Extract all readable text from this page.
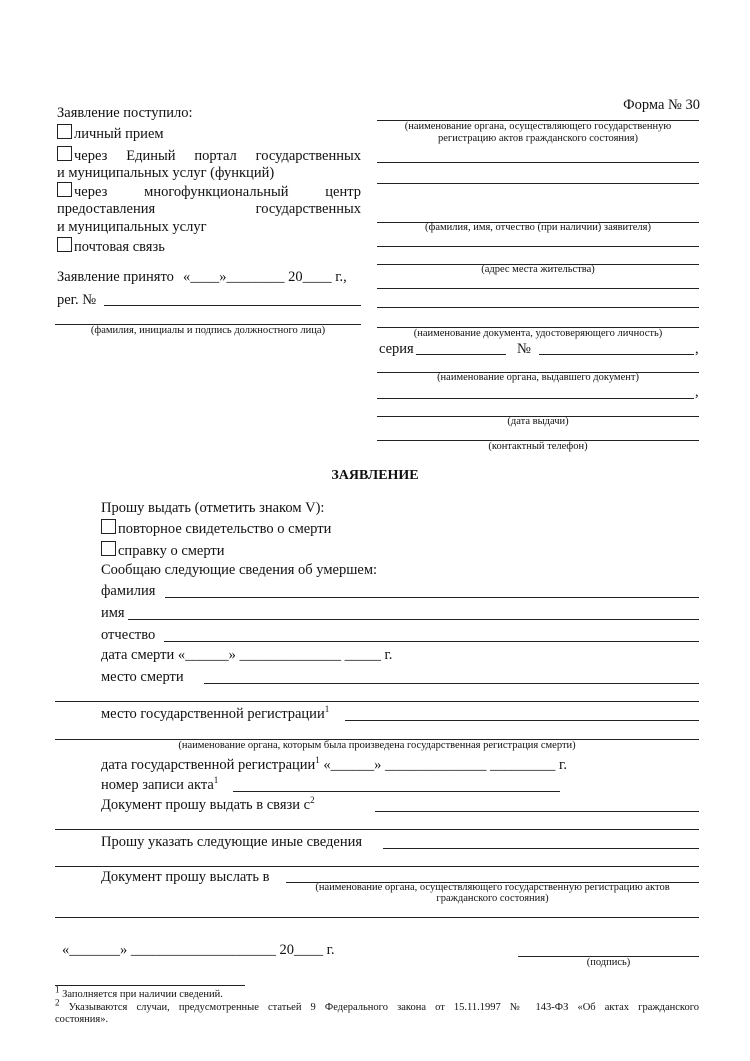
Форма № 30
Заявление поступило:
личный прием
через Единый портал государственных
и муниципальных услуг (функций)
через многофункциональный центр
предоставления государственных
и муниципальных услуг
почтовая связь
Заявление принято «____»________ 20____ г.,
рег. №
(фамилия, инициалы и подпись должностного лица)
(наименование органа, осуществляющего государственную
регистрацию актов гражданского состояния)
(фамилия, имя, отчество (при наличии) заявителя)
(адрес места жительства)
(наименование документа, удостоверяющего личность)
серия	№	,
(наименование органа, выдавшего документ)
,
(дата выдачи)
(контактный телефон)
ЗАЯВЛЕНИЕ
Прошу выдать (отметить знаком V):
повторное свидетельство о смерти
справку о смерти
Сообщаю следующие сведения об умершем:
фамилия
имя
отчество
дата смерти «______» ______________ _____ г.
место смерти
место государственной регистрации$^1$
(наименование органа, которым была произведена государственная регистрация смерти)
дата государственной регистрации$^1$ «______» ______________ _________ г.
номер записи акта$^1$
Документ прошу выдать в связи $с^2$
Прошу указать следующие иные сведения
Документ прошу выслать в
(наименование органа, осуществляющего государственную регистрацию актов
гражданского состояния)
«_______» ____________________ 20____ г.
(подпись)
$^1$ Заполняется при наличии сведений.
$^2$ Указываются случаи, предусмотренные статьей 9 Федерального закона от 15.11.1997 № 143-ФЗ «Об актах гражданского
состояния».
